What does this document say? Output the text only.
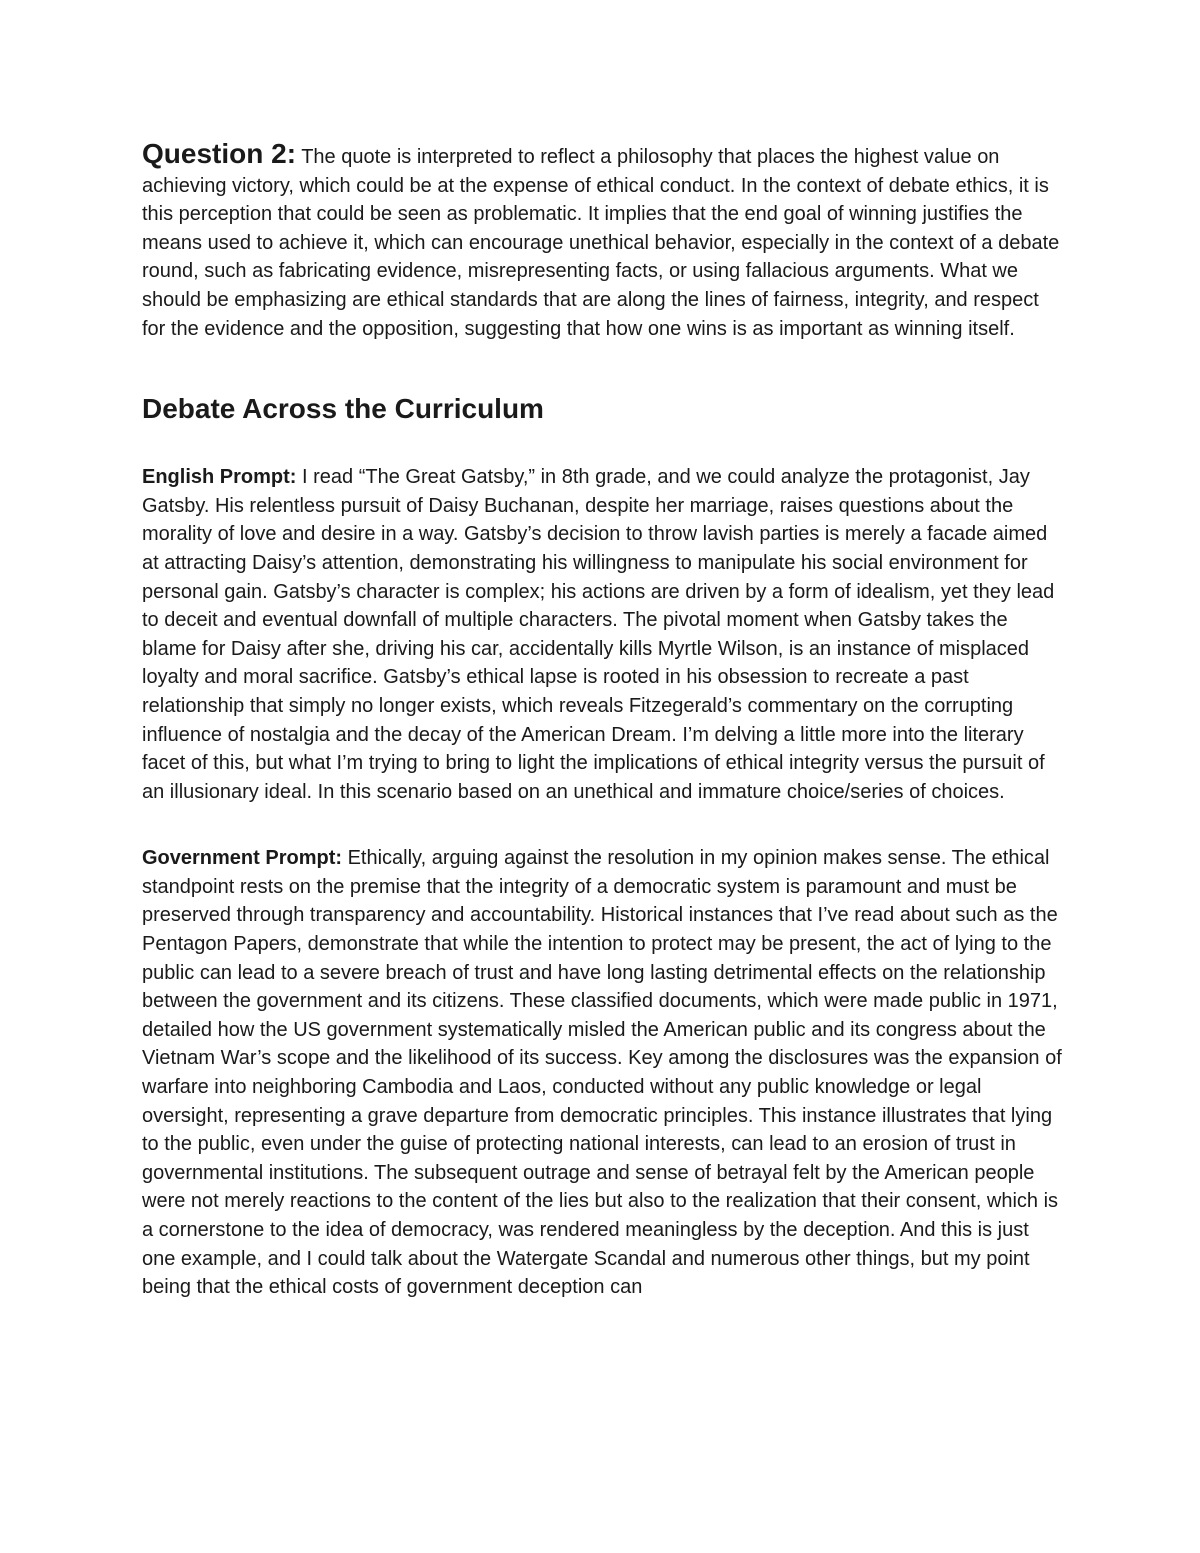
Question 2: The quote is interpreted to reflect a philosophy that places the highest value on achieving victory, which could be at the expense of ethical conduct. In the context of debate ethics, it is this perception that could be seen as problematic. It implies that the end goal of winning justifies the means used to achieve it, which can encourage unethical behavior, especially in the context of a debate round, such as fabricating evidence, misrepresenting facts, or using fallacious arguments. What we should be emphasizing are ethical standards that are along the lines of fairness, integrity, and respect for the evidence and the opposition, suggesting that how one wins is as important as winning itself.

Debate Across the Curriculum

English Prompt: I read “The Great Gatsby,” in 8th grade, and we could analyze the protagonist, Jay Gatsby. His relentless pursuit of Daisy Buchanan, despite her marriage, raises questions about the morality of love and desire in a way. Gatsby’s decision to throw lavish parties is merely a facade aimed at attracting Daisy’s attention, demonstrating his willingness to manipulate his social environment for personal gain. Gatsby’s character is complex; his actions are driven by a form of idealism, yet they lead to deceit and eventual downfall of multiple characters. The pivotal moment when Gatsby takes the blame for Daisy after she, driving his car, accidentally kills Myrtle Wilson, is an instance of misplaced loyalty and moral sacrifice. Gatsby’s ethical lapse is rooted in his obsession to recreate a past relationship that simply no longer exists, which reveals Fitzegerald’s commentary on the corrupting influence of nostalgia and the decay of the American Dream. I’m delving a little more into the literary facet of this, but what I’m trying to bring to light the implications of ethical integrity versus the pursuit of an illusionary ideal. In this scenario based on an unethical and immature choice/series of choices.

Government Prompt: Ethically, arguing against the resolution in my opinion makes sense. The ethical standpoint rests on the premise that the integrity of a democratic system is paramount and must be preserved through transparency and accountability. Historical instances that I’ve read about such as the Pentagon Papers, demonstrate that while the intention to protect may be present, the act of lying to the public can lead to a severe breach of trust and have long lasting detrimental effects on the relationship between the government and its citizens. These classified documents, which were made public in 1971, detailed how the US government systematically misled the American public and its congress about the Vietnam War’s scope and the likelihood of its success. Key among the disclosures was the expansion of warfare into neighboring Cambodia and Laos, conducted without any public knowledge or legal oversight, representing a grave departure from democratic principles. This instance illustrates that lying to the public, even under the guise of protecting national interests, can lead to an erosion of trust in governmental institutions. The subsequent outrage and sense of betrayal felt by the American people were not merely reactions to the content of the lies but also to the realization that their consent, which is a cornerstone to the idea of democracy, was rendered meaningless by the deception. And this is just one example, and I could talk about the Watergate Scandal and numerous other things, but my point being that the ethical costs of government deception can
